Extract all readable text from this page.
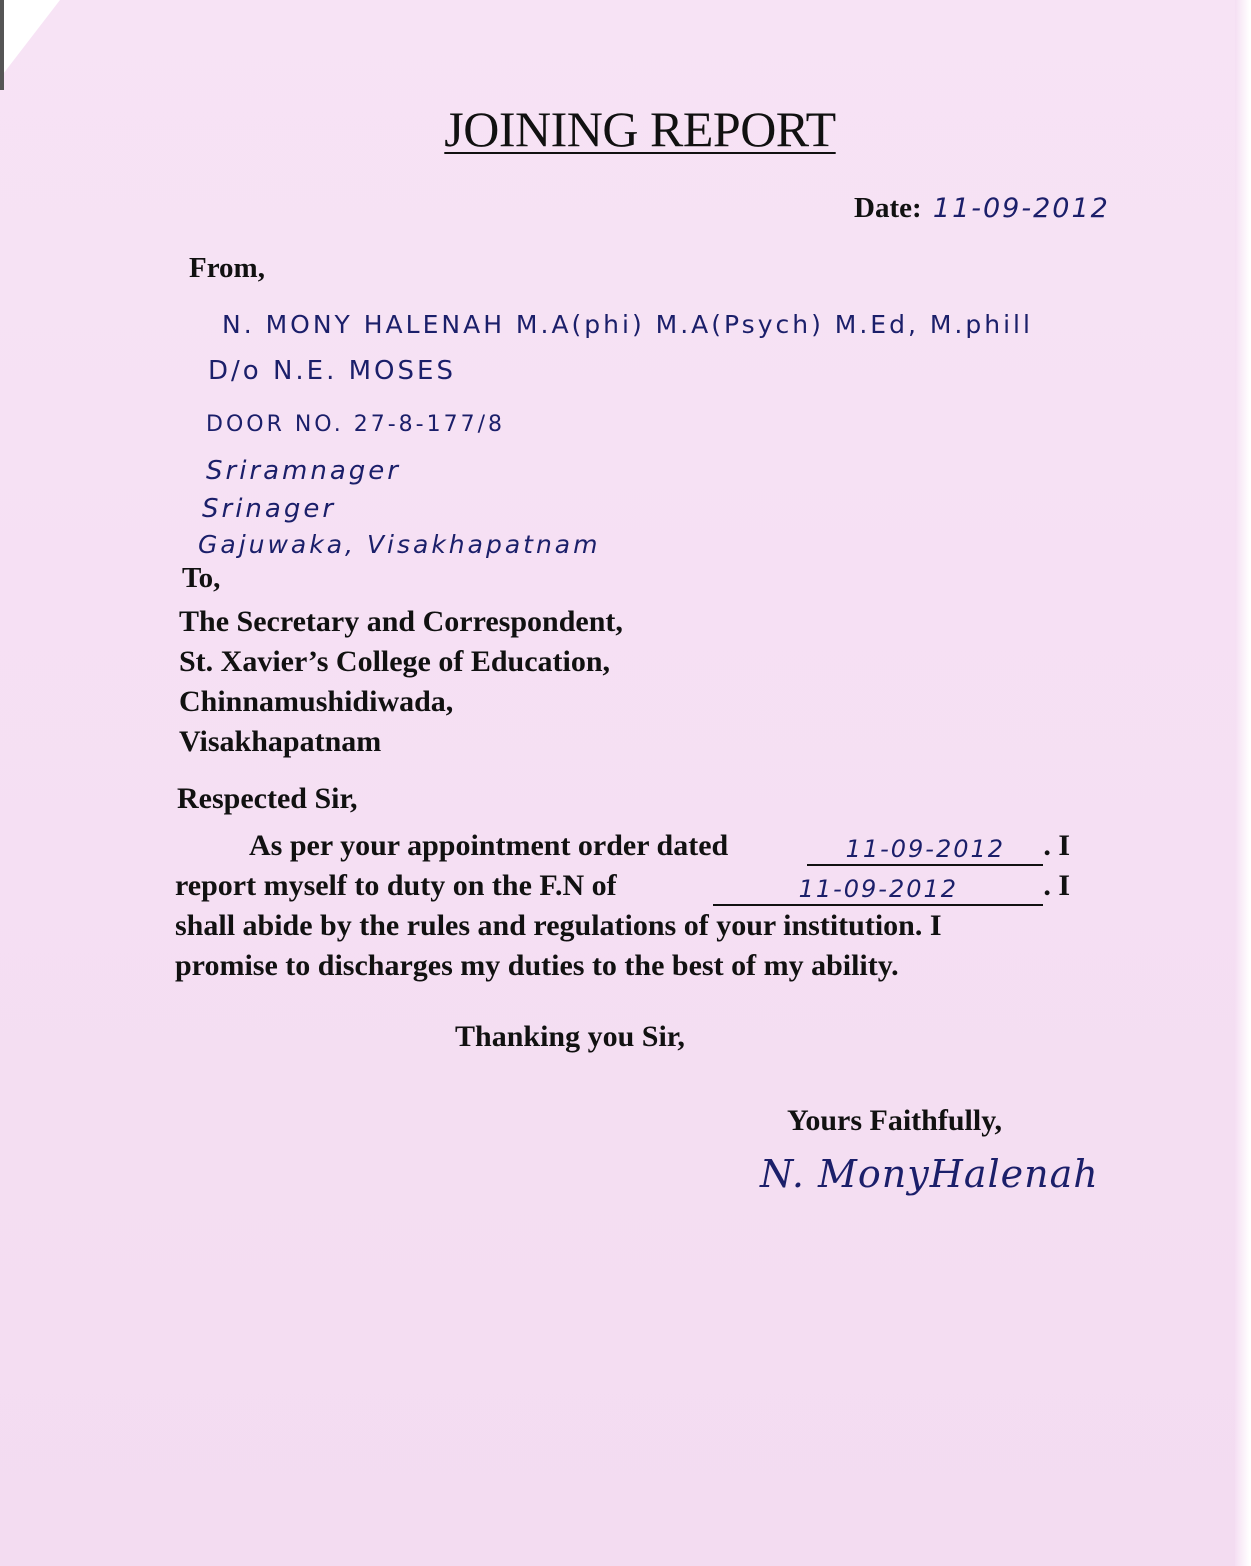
JOINING REPORT
Date: 11-09-2012
From,
N. MONY HALENAH M.A(phi) M.A(Psych) M.Ed, M.phill
D/o N.E. MOSES
DOOR NO. 27-8-177/8
Sriramnager
Srinager
Gajuwaka, Visakhapatnam
To,
The Secretary and Correspondent,
St. Xavier’s College of Education,
Chinnamushidiwada,
Visakhapatnam
Respected Sir,
As per your appointment order dated	11-09-2012	. I
report myself to duty on the F.N of	11-09-2012	. I
shall abide by the rules and regulations of your institution. I
promise to discharges my duties to the best of my ability.
Thanking you Sir,
Yours Faithfully,
N. MonyHalenah
